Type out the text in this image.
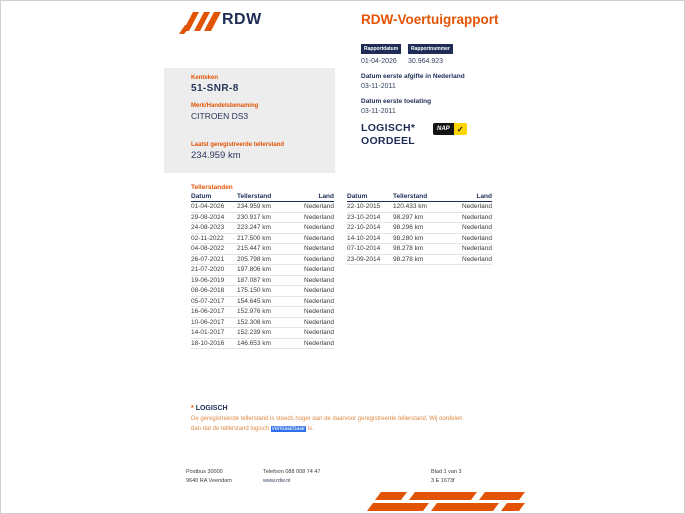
RDW	RDW-Voertuigrapport
Rapportdatum
01-04-2026
Rapportnummer
30.964.923
Kenteken
51-SNR-8
Merk/Handelsbenaming
CITROEN DS3
Laatst geregistreerde tellerstand
234.959 km
Datum eerste afgifte in Nederland
03-11-2011
Datum eerste toelating
03-11-2011
LOGISCH*
OORDEEL
NAP ✓
Tellerstanden
Datum	Tellerstand	Land
01-04-2026	234.959 km	Nederland
29-08-2024	230.917 km	Nederland
24-08-2023	223.247 km	Nederland
02-11-2022	217.500 km	Nederland
04-08-2022	215.447 km	Nederland
26-07-2021	205.798 km	Nederland
21-07-2020	197.806 km	Nederland
19-06-2019	187.087 km	Nederland
08-06-2018	175.150 km	Nederland
05-07-2017	154.645 km	Nederland
16-06-2017	152.976 km	Nederland
10-06-2017	152.308 km	Nederland
14-01-2017	152.239 km	Nederland
18-10-2016	146.653 km	Nederland
Datum	Tellerstand	Land
22-10-2015	120.433 km	Nederland
23-10-2014	98.297 km	Nederland
22-10-2014	98.296 km	Nederland
14-10-2014	98.280 km	Nederland
07-10-2014	98.278 km	Nederland
23-09-2014	98.278 km	Nederland
* LOGISCH
De geregistreerde tellerstand is steeds hoger dan de daarvoor geregistreerde tellerstand. Wij oordelen dan dat de tellerstand logisch verklaarbaar is.
Postbus 30000
9640 RA Veendam
Telefoon 088 008 74 47
www.rdw.nl
Blad 1 van 3
3 E 1673f
